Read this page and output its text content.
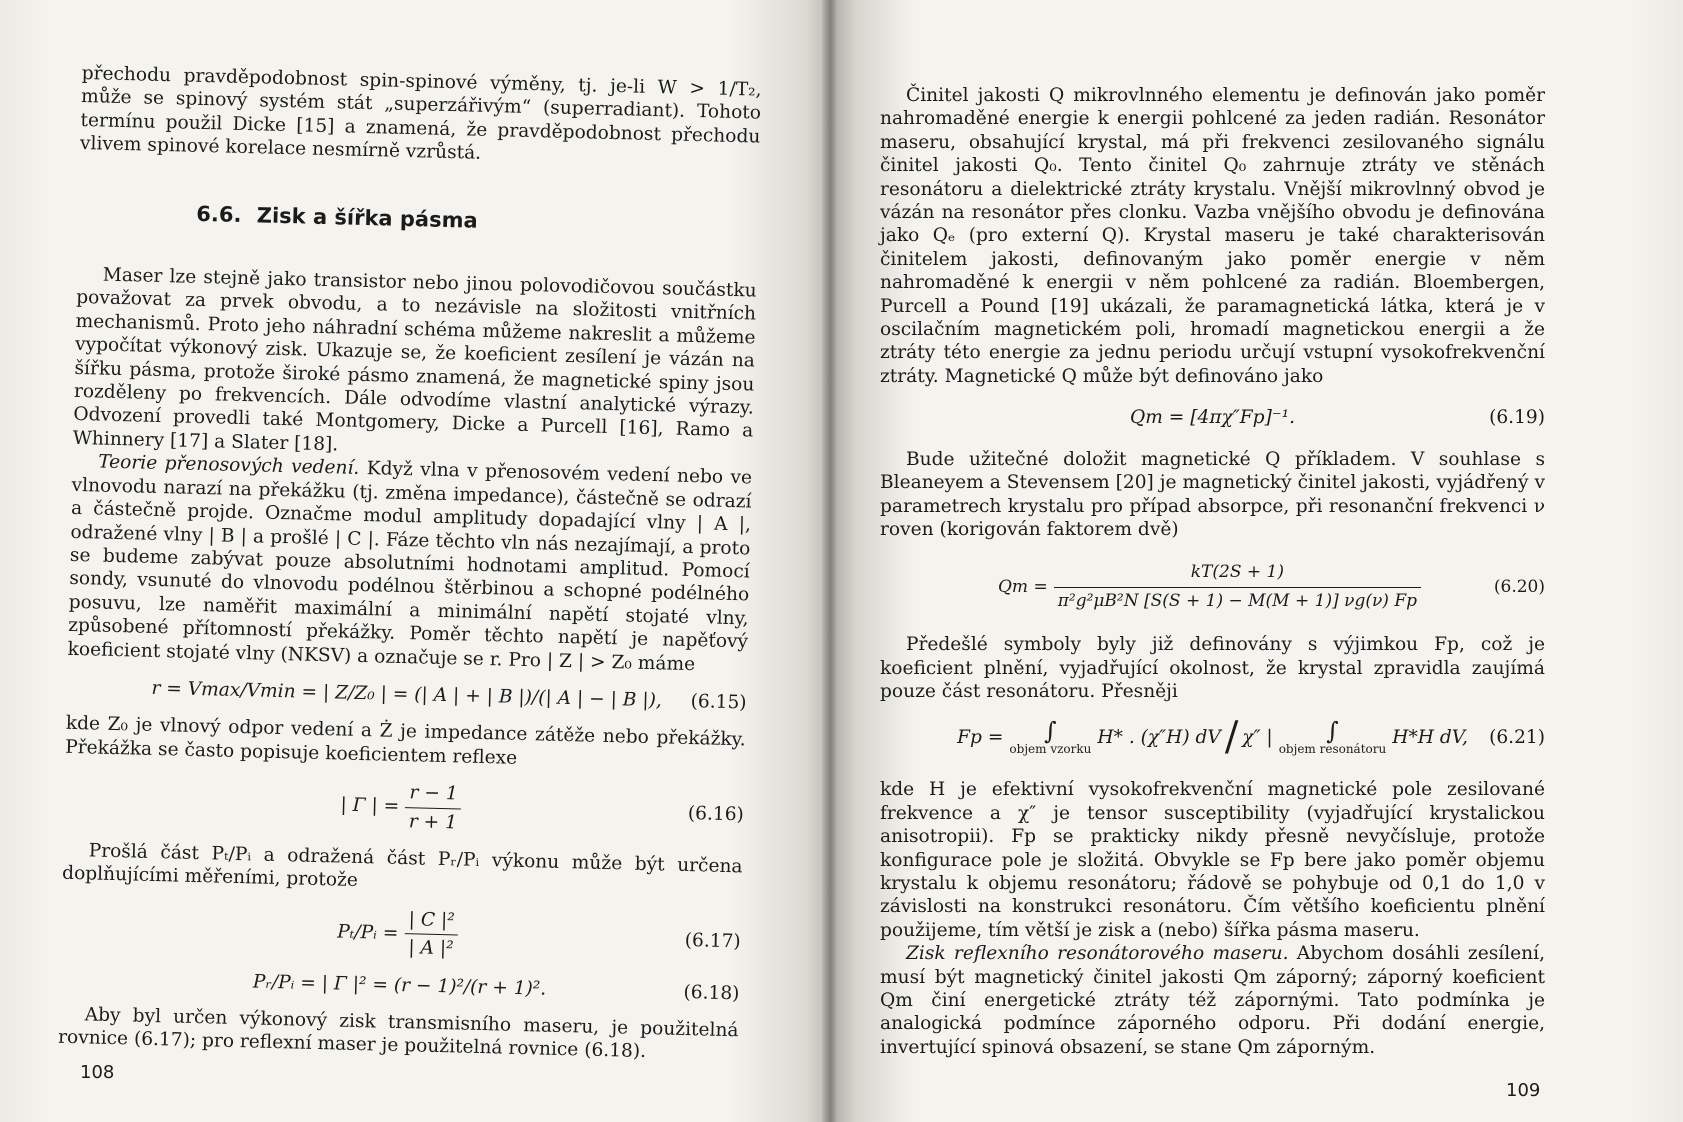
přechodu pravděpodobnost spin-spinové výměny, tj. je-li W > 1/T₂, může se spinový systém stát „superzářivým“ (superradiant). Tohoto termínu použil Dicke [15] a znamená, že pravděpodobnost přechodu vlivem spinové korelace nesmírně vzrůstá.

6.6. Zisk a šířka pásma

Maser lze stejně jako transistor nebo jinou polovodičovou součástku považovat za prvek obvodu, a to nezávisle na složitosti vnitřních mechanismů. Proto jeho náhradní schéma můžeme nakreslit a můžeme vypočítat výkonový zisk. Ukazuje se, že koeficient zesílení je vázán na šířku pásma, protože široké pásmo znamená, že magnetické spiny jsou rozděleny po frekvencích. Dále odvodíme vlastní analytické výrazy. Odvození provedli také Montgomery, Dicke a Purcell [16], Ramo a Whinnery [17] a Slater [18].

Teorie přenosových vedení. Když vlna v přenosovém vedení nebo ve vlnovodu narazí na překážku (tj. změna impedance), částečně se odrazí a částečně projde. Označme modul amplitudy dopadající vlny | A |, odražené vlny | B | a prošlé | C |. Fáze těchto vln nás nezajímají, a proto se budeme zabývat pouze absolutními hodnotami amplitud. Pomocí sondy, vsunuté do vlnovodu podélnou štěrbinou a schopné podélného posuvu, lze naměřit maximální a minimální napětí stojaté vlny, způsobené přítomností překážky. Poměr těchto napětí je napěťový koeficient stojaté vlny (NKSV) a označuje se r. Pro | Z | > Z₀ máme

r = Vmax/Vmin = | Z/Z₀ | = (| A | + | B |)/(| A | − | B |), (6.15)

kde Z₀ je vlnový odpor vedení a Ż je impedance zátěže nebo překážky. Překážka se často popisuje koeficientem reflexe

| Γ | = $\frac{r - 1}{r + 1}$	(6.16)

Prošlá část Pₜ/Pᵢ a odražená část Pᵣ/Pᵢ výkonu může být určena doplňujícími měřeními, protože

Pₜ/Pᵢ = $\frac{\text{| C |²}}{\text{| A |²}}$	(6.17)
Pᵣ/Pᵢ = | Γ |² = (r − 1)²/(r + 1)².	(6.18)

Aby byl určen výkonový zisk transmisního maseru, je použitelná rovnice (6.17); pro reflexní maser je použitelná rovnice (6.18).

108

Činitel jakosti Q mikrovlnného elementu je definován jako poměr nahromaděné energie k energii pohlcené za jeden radián. Resonátor maseru, obsahující krystal, má při frekvenci zesilovaného signálu činitel jakosti Q₀. Tento činitel Q₀ zahrnuje ztráty ve stěnách resonátoru a dielektrické ztráty krystalu. Vnější mikrovlnný obvod je vázán na resonátor přes clonku. Vazba vnějšího obvodu je definována jako Qₑ (pro externí Q). Krystal maseru je také charakterisován činitelem jakosti, definovaným jako poměr energie v něm nahromaděné k energii v něm pohlcené za radián. Bloembergen, Purcell a Pound [19] ukázali, že paramagnetická látka, která je v oscilačním magnetickém poli, hromadí magnetickou energii a že ztráty této energie za jednu periodu určují vstupní vysokofrekvenční ztráty. Magnetické Q může být definováno jako

Qm = [4πχ″Fp]⁻¹.	(6.19)

Bude užitečné doložit magnetické Q příkladem. V souhlase s Bleaneyem a Stevensem [20] je magnetický činitel jakosti, vyjádřený v parametrech krystalu pro případ absorpce, při resonanční frekvenci ν roven (korigován faktorem dvě)

$Qm = \frac{kT(2S + 1)}{\text{π²g²μB²N [S(S + 1) − M(M + 1)] νg(ν) Fp}}$	(6.20)

Předešlé symboly byly již definovány s výjimkou Fp, což je koeficient plnění, vyjadřující okolnost, že krystal zpravidla zaujímá pouze část resonátoru. Přesněji

Fp = ∫
objem vzorku
H* . (χ″H) dV / χ″ | ∫
objem resonátoru
H*H dV, (6.21)

kde H je efektivní vysokofrekvenční magnetické pole zesilované frekvence a χ″ je tensor susceptibility (vyjadřující krystalickou anisotropii). Fp se prakticky nikdy přesně nevyčísluje, protože konfigurace pole je složitá. Obvykle se Fp bere jako poměr objemu krystalu k objemu resonátoru; řádově se pohybuje od 0,1 do 1,0 v závislosti na konstrukci resonátoru. Čím většího koeficientu plnění použijeme, tím větší je zisk a (nebo) šířka pásma maseru.

Zisk reflexního resonátorového maseru. Abychom dosáhli zesílení, musí být magnetický činitel jakosti Qm záporný; záporný koeficient Qm činí energetické ztráty též zápornými. Tato podmínka je analogická podmínce záporného odporu. Při dodání energie, invertující spinová obsazení, se stane Qm záporným.

109
